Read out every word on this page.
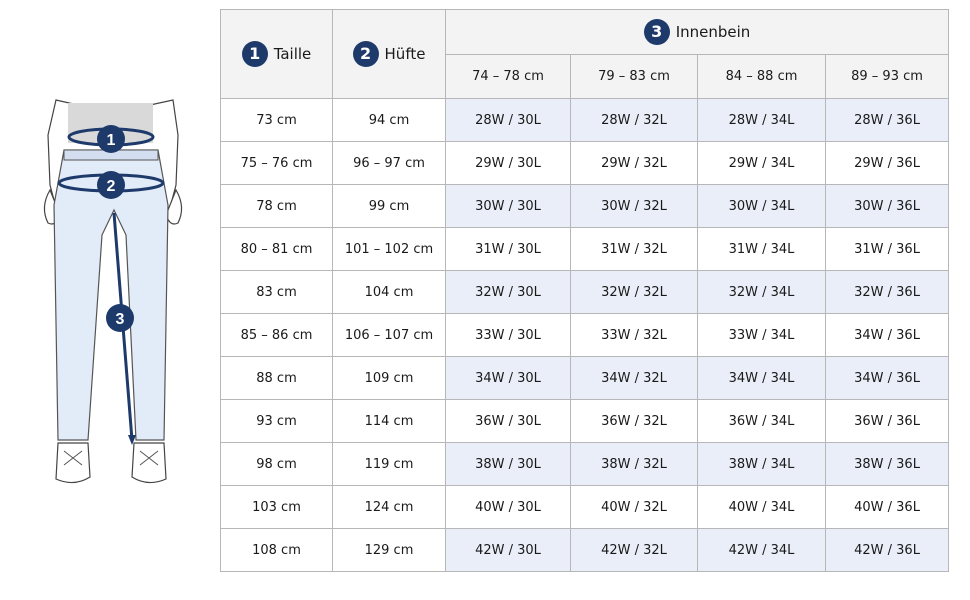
1
2
3
1 Taille	2 Hüfte	3 Innenbein			
		74 – 78 cm	79 – 83 cm	84 – 88 cm	89 – 93 cm
73 cm	94 cm	28W / 30L	28W / 32L	28W / 34L	28W / 36L
75 – 76 cm	96 – 97 cm	29W / 30L	29W / 32L	29W / 34L	29W / 36L
78 cm	99 cm	30W / 30L	30W / 32L	30W / 34L	30W / 36L
80 – 81 cm	101 – 102 cm	31W / 30L	31W / 32L	31W / 34L	31W / 36L
83 cm	104 cm	32W / 30L	32W / 32L	32W / 34L	32W / 36L
85 – 86 cm	106 – 107 cm	33W / 30L	33W / 32L	33W / 34L	34W / 36L
88 cm	109 cm	34W / 30L	34W / 32L	34W / 34L	34W / 36L
93 cm	114 cm	36W / 30L	36W / 32L	36W / 34L	36W / 36L
98 cm	119 cm	38W / 30L	38W / 32L	38W / 34L	38W / 36L
103 cm	124 cm	40W / 30L	40W / 32L	40W / 34L	40W / 36L
108 cm	129 cm	42W / 30L	42W / 32L	42W / 34L	42W / 36L
